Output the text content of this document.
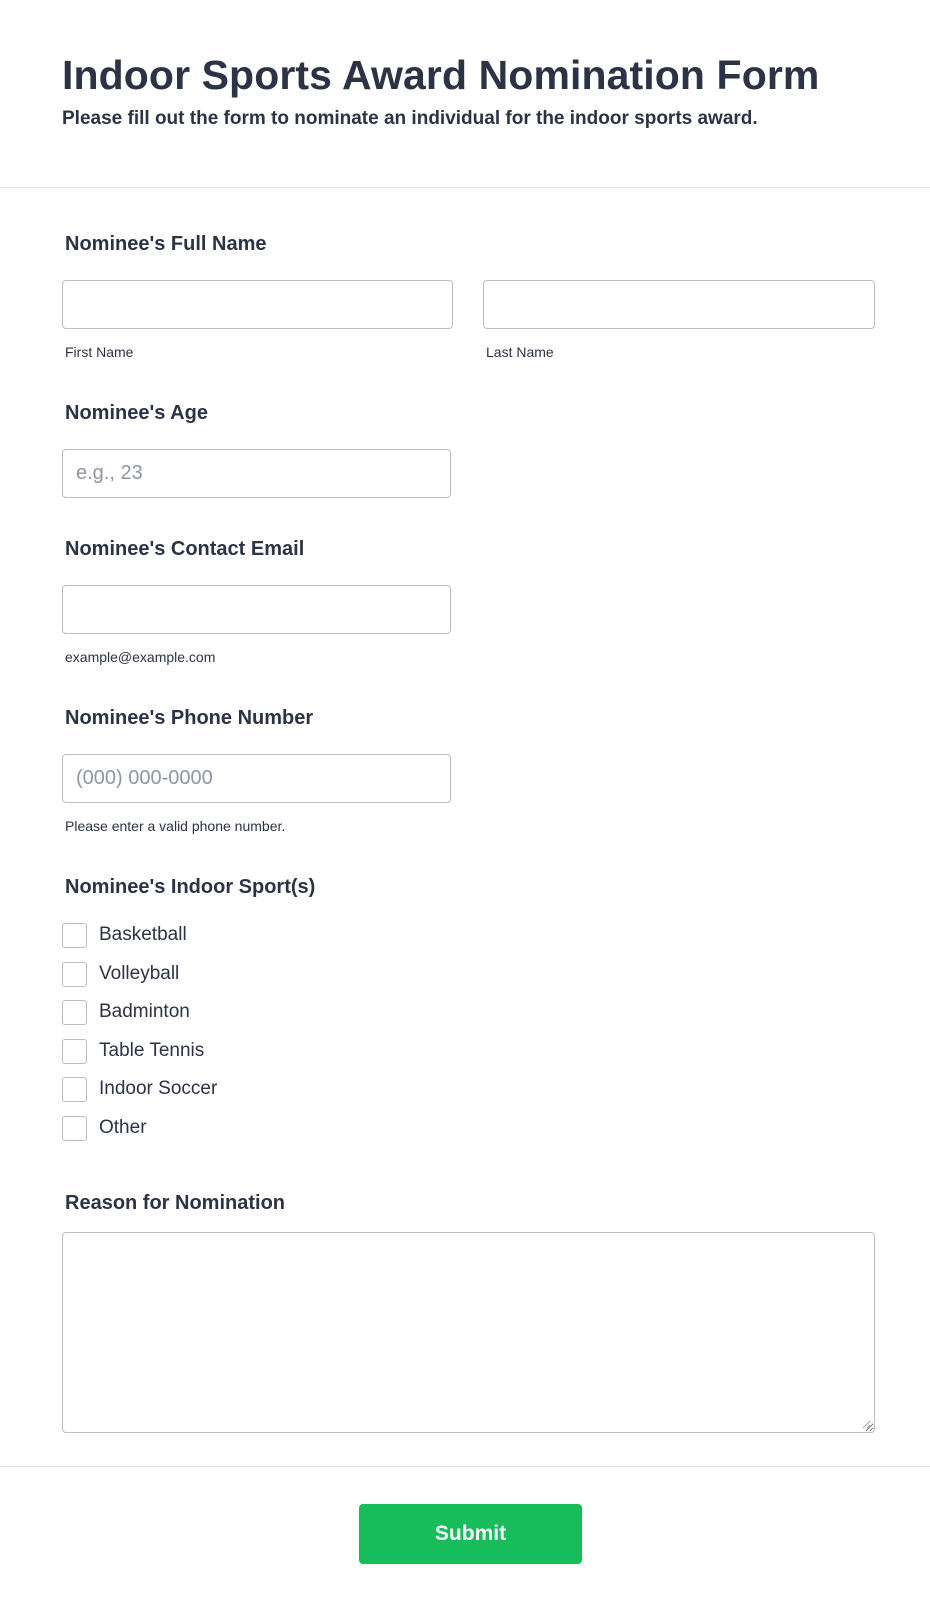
Indoor Sports Award Nomination Form
Please fill out the form to nominate an individual for the indoor sports award.
Nominee's Full Name
First Name	Last Name
Nominee's Age
e.g., 23
Nominee's Contact Email
example@example.com
Nominee's Phone Number
(000) 000-0000
Please enter a valid phone number.
Nominee's Indoor Sport(s)
Basketball
Volleyball
Badminton
Table Tennis
Indoor Soccer
Other
Reason for Nomination
Submit
